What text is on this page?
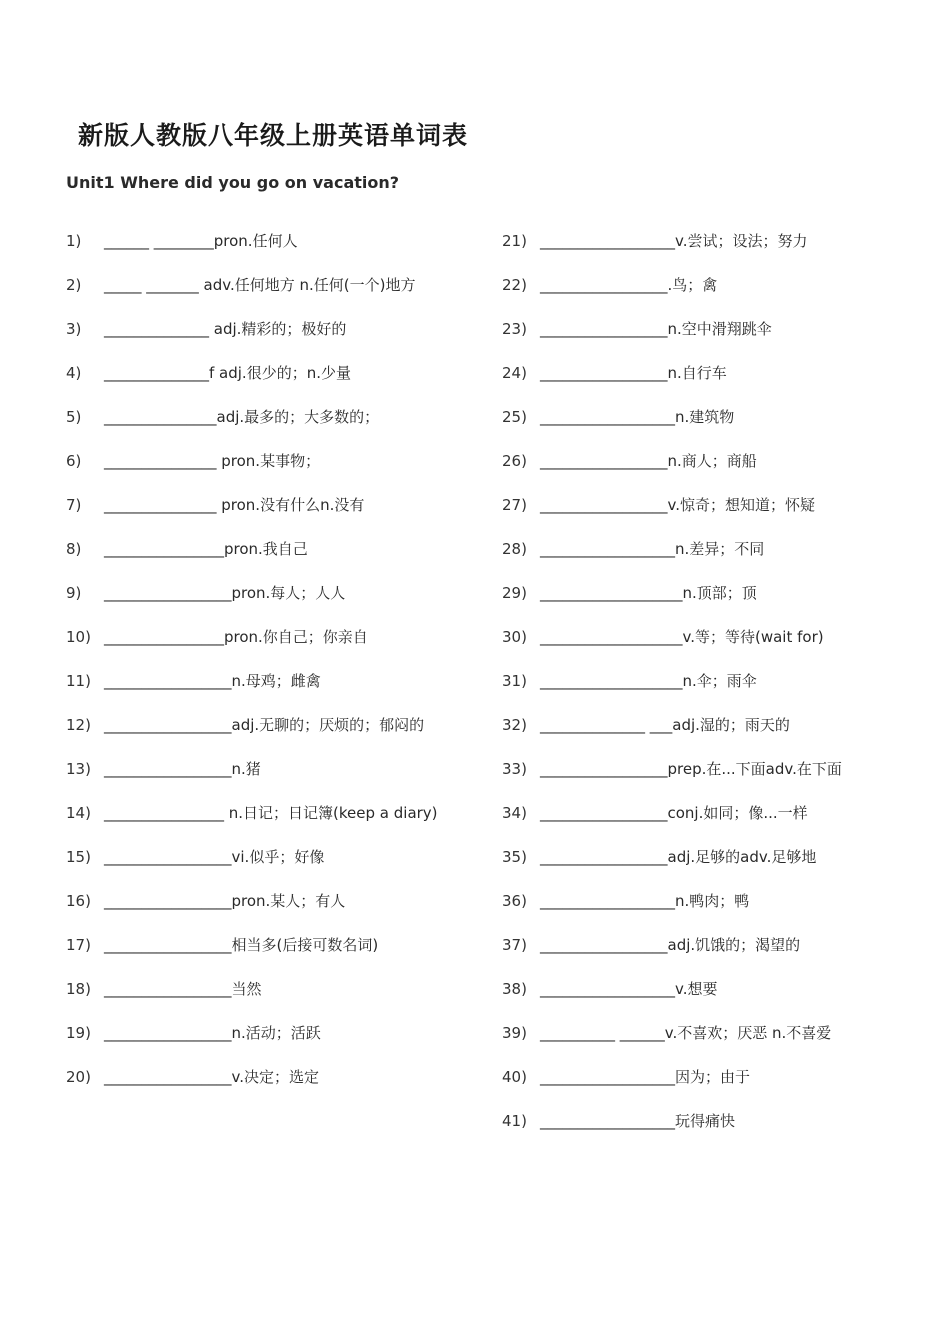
新版人教版八年级上册英语单词表
Unit1 Where did you go on vacation?
1)	______ ________pron.任何人
2)	_____ _______ adv.任何地方 n.任何(一个)地方
3)	______________ adj.精彩的；极好的
4)	______________f adj.很少的；n.少量
5)	_______________adj.最多的；大多数的；
6)	_______________ pron.某事物；
7)	_______________ pron.没有什么n.没有
8)	________________pron.我自己
9)	_________________pron.每人；人人
10) ________________pron.你自己；你亲自
11) _________________n.母鸡；雌禽
12) _________________adj.无聊的；厌烦的；郁闷的
13) _________________n.猪
14) ________________ n.日记；日记簿(keep a diary)
15) _________________vi.似乎；好像
16) _________________pron.某人；有人
17) _________________相当多(后接可数名词)
18) _________________当然
19) _________________n.活动；活跃
20) _________________v.决定；选定
21) __________________v.尝试；设法；努力
22) _________________.鸟；禽
23) _________________n.空中滑翔跳伞
24) _________________n.自行车
25) __________________n.建筑物
26) _________________n.商人；商船
27) _________________v.惊奇；想知道；怀疑
28) __________________n.差异；不同
29) ___________________n.顶部；顶
30) ___________________v.等；等待(wait for)
31) ___________________n.伞；雨伞
32) ______________ ___adj.湿的；雨天的
33) _________________prep.在...下面adv.在下面
34) _________________conj.如同；像...一样
35) _________________adj.足够的adv.足够地
36) __________________n.鸭肉；鸭
37) _________________adj.饥饿的；渴望的
38) __________________v.想要
39) __________ ______v.不喜欢；厌恶 n.不喜爱
40) __________________因为；由于
41) __________________玩得痛快
